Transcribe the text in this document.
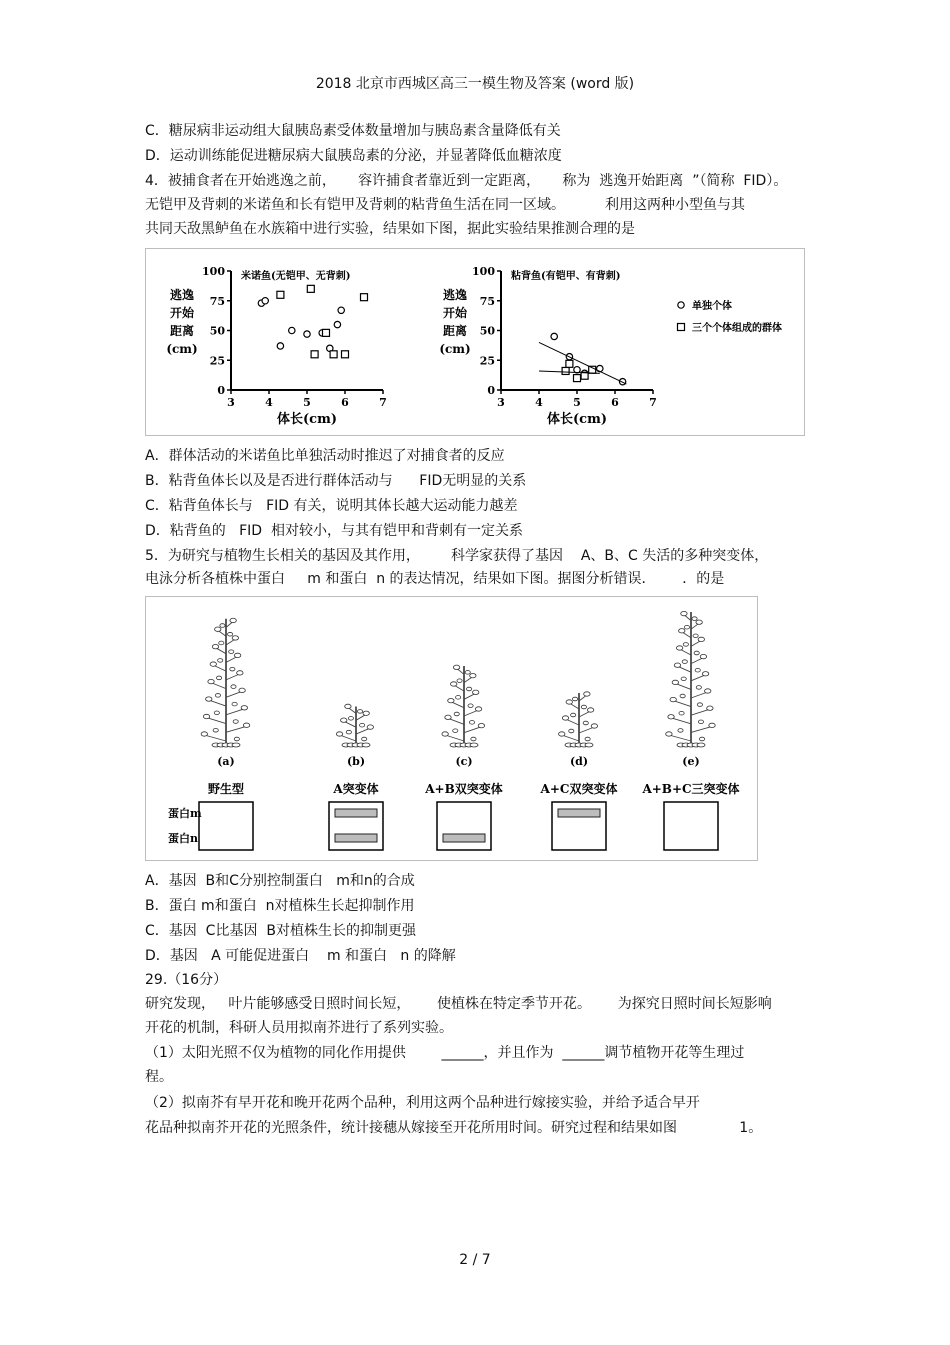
2018 北京市西城区高三一模生物及答案 (word 版)
C．糖尿病非运动组大鼠胰岛素受体数量增加与胰岛素含量降低有关
D．运动训练能促进糖尿病大鼠胰岛素的分泌，并显著降低血糖浓度
4．被捕食者在开始逃逸之前，     容许捕食者靠近到一定距离，     称为  逃逸开始距离  ”（简称  FID）。
无铠甲及背刺的米诺鱼和长有铠甲及背刺的粘背鱼生活在同一区域。         利用这两种小型鱼与其
共同天敌黑鲈鱼在水族箱中进行实验，结果如下图，据此实验结果推测合理的是
米诺鱼(无铠甲、无背刺)
3	4	5	6	7
0
25
50
75
100
体长(cm)
逃逸
开始
距离
(cm)
粘背鱼(有铠甲、有背刺)
3	4	5	6	7
0
25
50
75
100
体长(cm)
逃逸
开始
距离
(cm)
单独个体
三个个体组成的群体
A．群体活动的米诺鱼比单独活动时推迟了对捕食者的反应
B．粘背鱼体长以及是否进行群体活动与      FID无明显的关系
C．粘背鱼体长与   FID 有关，说明其体长越大运动能力越差
D．粘背鱼的   FID  相对较小，与其有铠甲和背刺有一定关系
5．为研究与植物生长相关的基因及其作用，       科学家获得了基因    A、B、C 失活的多种突变体，
电泳分析各植株中蛋白     m 和蛋白  n 的表达情况，结果如下图。据图分析错误．      ．的是
(a)
野生型
(b)
A突变体
(c)
A+B双突变体
(d)
A+C双突变体
(e)
A+B+C三突变体
蛋白m
蛋白n
A．基因  B和C分别控制蛋白   m和n的合成
B．蛋白 m和蛋白  n对植株生长起抑制作用
C．基因  C比基因  B对植株生长的抑制更强
D．基因   A 可能促进蛋白    m 和蛋白   n 的降解
29.（16分）
研究发现，   叶片能够感受日照时间长短，      使植株在特定季节开花。      为探究日照时间长短影响
开花的机制，科研人员用拟南芥进行了系列实验。
（1）太阳光照不仅为植物的同化作用提供        ______，并且作为  ______调节植物开花等生理过
程。
（2）拟南芥有早开花和晚开花两个品种，利用这两个品种进行嫁接实验，并给予适合早开
花品种拟南芥开花的光照条件，统计接穗从嫁接至开花所用时间。研究过程和结果如图              1。
2 / 7
